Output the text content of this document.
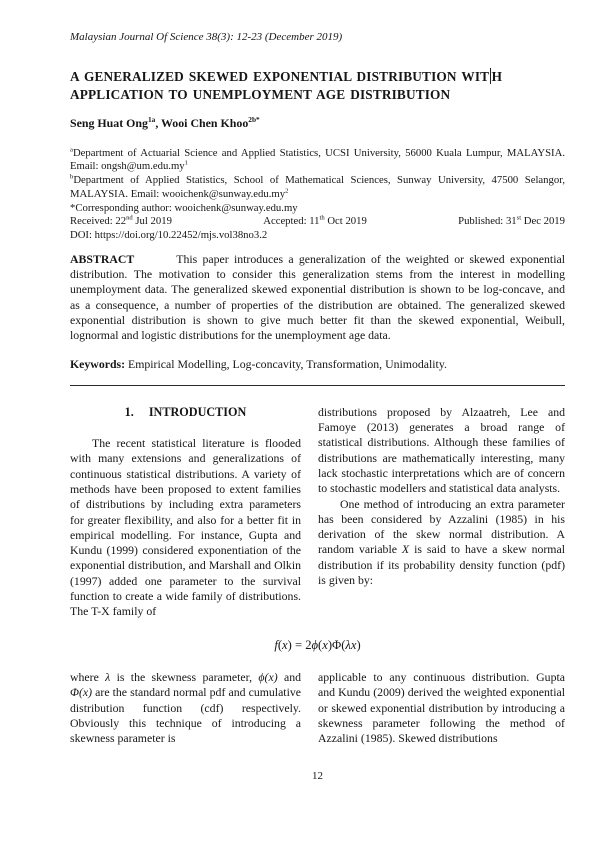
Malaysian Journal Of Science 38(3): 12-23 (December 2019)
A GENERALIZED SKEWED EXPONENTIAL DISTRIBUTION WIT H
APPLICATION TO UNEMPLOYMENT AGE DISTRIBUTION
Seng Huat Ong$^{1a}$, Wooi Chen Khoo$^{2b*}$
$^a$Department of Actuarial Science and Applied Statistics, UCSI University, 56000 Kuala Lumpur, MALAYSIA. Email: $ongsh@um.edu.my^1$
$^b$Department of Applied Statistics, School of Mathematical Sciences, Sunway University, 47500 Selangor, MALAYSIA. Email: $wooichenk@sunway.edu.my^2$
*Corresponding author: wooichenk@sunway.edu.my
Received: 22nd Jul 2019	Accepted: 11th Oct 2019	Published: 31st Dec 2019
DOI: https://doi.org/10.22452/mjs.vol38no3.2
ABSTRACT	This paper introduces a generalization of the weighted or skewed exponential distribution. The motivation to consider this generalization stems from the interest in modelling unemployment data. The generalized skewed exponential distribution is shown to be log-concave, and as a consequence, a number of properties of the distribution are obtained. The generalized skewed exponential distribution is shown to give much better fit than the skewed exponential, Weibull, lognormal and logistic distributions for the unemployment age data.
Keywords: Empirical Modelling, Log-concavity, Transformation, Unimodality.
1. INTRODUCTION

The recent statistical literature is flooded with many extensions and generalizations of continuous statistical distributions. A variety of methods have been proposed to extent families of distributions by including extra parameters for greater flexibility, and also for a better fit in empirical modelling. For instance, Gupta and Kundu (1999) considered exponentiation of the exponential distribution, and Marshall and Olkin (1997) added one parameter to the survival function to create a wide family of distributions. The T-X family of

distributions proposed by Alzaatreh, Lee and Famoye (2013) generates a broad range of statistical distributions. Although these families of distributions are mathematically interesting, many lack stochastic interpretations which are of concern to stochastic modellers and statistical data analysts.

One method of introducing an extra parameter has been considered by Azzalini (1985) in his derivation of the skew normal distribution. A random variable X is said to have a skew normal distribution if its probability density function (pdf) is given by:

f(x) = 2ϕ(x)Φ(λx)

where λ is the skewness parameter, ϕ(x) and Φ(x) are the standard normal pdf and cumulative distribution function (cdf) respectively. Obviously this technique of introducing a skewness parameter is

applicable to any continuous distribution. Gupta and Kundu (2009) derived the weighted exponential or skewed exponential distribution by introducing a skewness parameter following the method of Azzalini (1985). Skewed distributions

12
